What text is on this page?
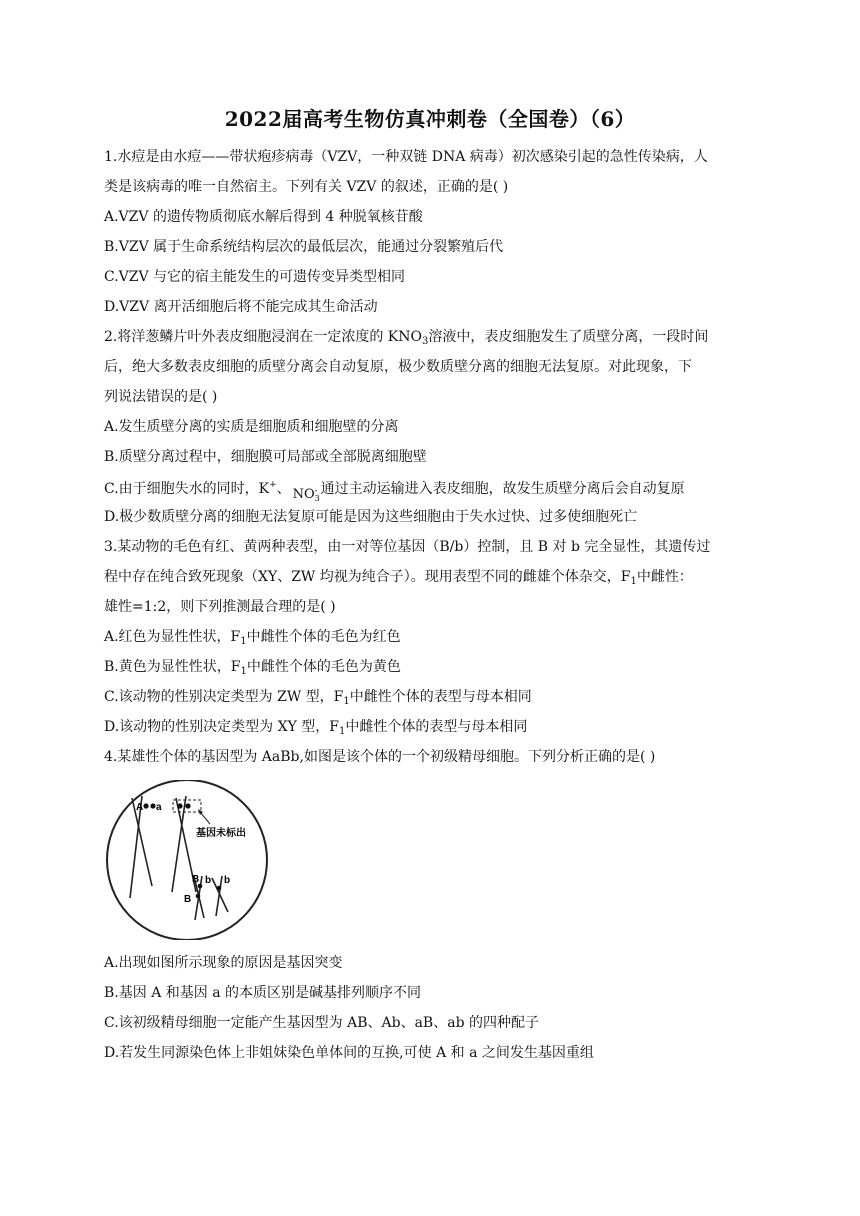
2022届高考生物仿真冲刺卷（全国卷）（6）
1.水痘是由水痘——带状疱疹病毒（VZV，一种双链 DNA 病毒）初次感染引起的急性传染病，人
类是该病毒的唯一自然宿主。下列有关 VZV 的叙述，正确的是( )
A.VZV 的遗传物质彻底水解后得到 4 种脱氧核苷酸
B.VZV 属于生命系统结构层次的最低层次，能通过分裂繁殖后代
C.VZV 与它的宿主能发生的可遗传变异类型相同
D.VZV 离开活细胞后将不能完成其生命活动
2.将洋葱鳞片叶外表皮细胞浸润在一定浓度的 $KNO_3$溶液中，表皮细胞发生了质壁分离，一段时间
后，绝大多数表皮细胞的质壁分离会自动复原，极少数质壁分离的细胞无法复原。对此现象，下
列说法错误的是( )
A.发生质壁分离的实质是细胞质和细胞壁的分离
B.质壁分离过程中，细胞膜可局部或全部脱离细胞壁
C.由于细胞失水的同时，K+、 $NO_3$
- 通过主动运输进入表皮细胞，故发生质壁分离后会自动复原
D.极少数质壁分离的细胞无法复原可能是因为这些细胞由于失水过快、过多使细胞死亡
3.某动物的毛色有红、黄两种表型，由一对等位基因（B/b）控制，且 B 对 b 完全显性，其遗传过
程中存在纯合致死现象（XY、ZW 均视为纯合子）。现用表型不同的雌雄个体杂交，$F_1$中雌性：
雄性=1:2，则下列推测最合理的是( )
A.红色为显性性状，$F_1$中雌性个体的毛色为红色
B.黄色为显性性状，$F_1$中雌性个体的毛色为黄色
C.该动物的性别决定类型为 ZW 型，$F_1$中雌性个体的表型与母本相同
D.该动物的性别决定类型为 XY 型，$F_1$中雌性个体的表型与母本相同
4.某雄性个体的基因型为 AaBb,如图是该个体的一个初级精母细胞。下列分析正确的是( )
A a
基因未标出
B b b
B
A.出现如图所示现象的原因是基因突变
B.基因 A 和基因 a 的本质区别是碱基排列顺序不同
C.该初级精母细胞一定能产生基因型为 AB、Ab、aB、ab 的四种配子
D.若发生同源染色体上非姐妹染色单体间的互换,可使 A 和 a 之间发生基因重组
